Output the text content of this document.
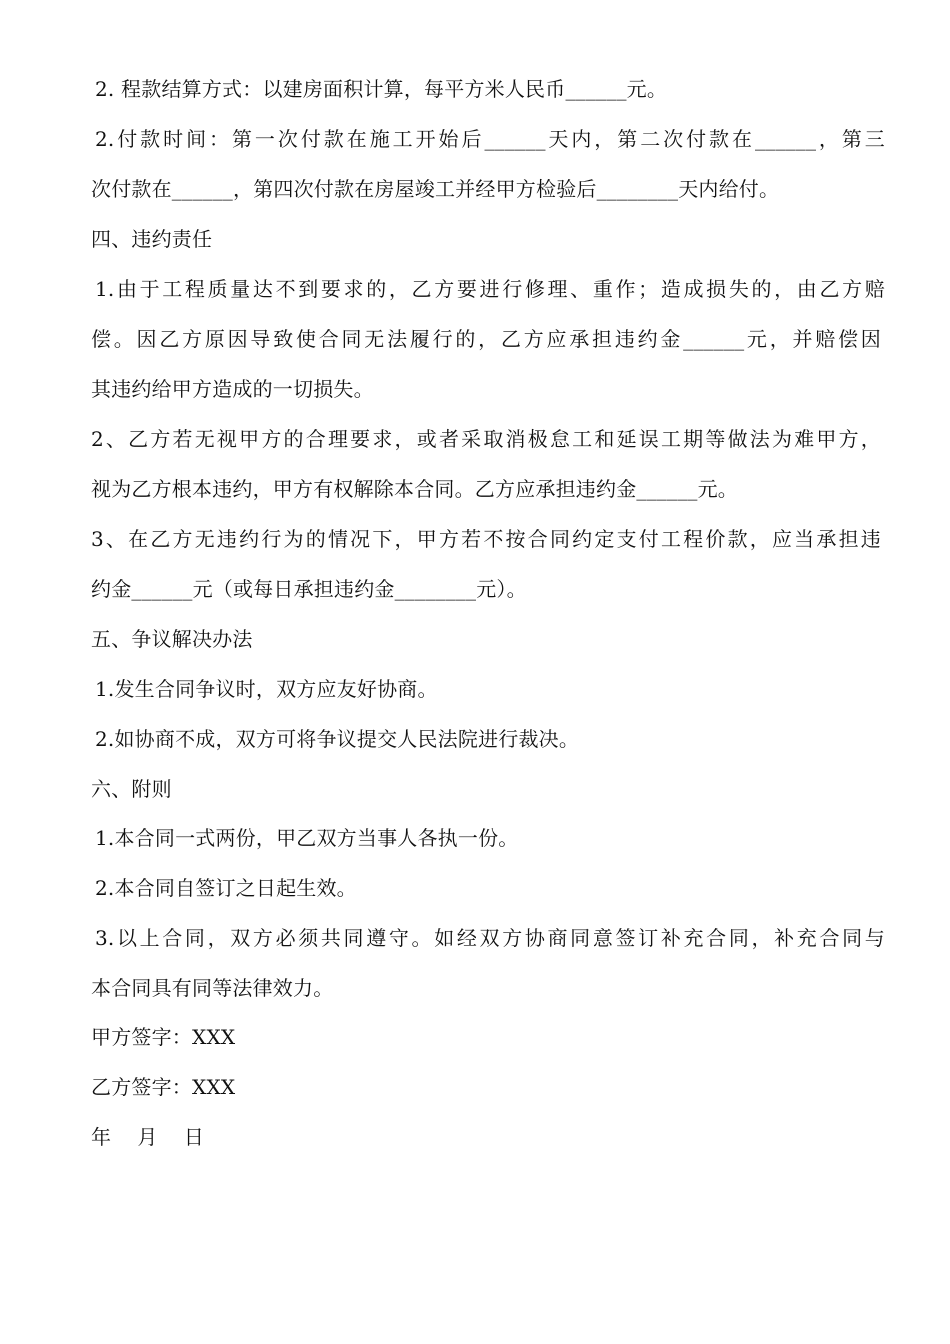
2. 程款结算方式：以建房面积计算，每平方米人民币______元。
2.付款时间：第一次付款在施工开始后______天内，第二次付款在______，第三
次付款在______，第四次付款在房屋竣工并经甲方检验后________天内给付。
四、违约责任
1.由于工程质量达不到要求的，乙方要进行修理、重作；造成损失的，由乙方赔
偿。因乙方原因导致使合同无法履行的，乙方应承担违约金______元，并赔偿因
其违约给甲方造成的一切损失。
2、乙方若无视甲方的合理要求，或者采取消极怠工和延误工期等做法为难甲方，
视为乙方根本违约，甲方有权解除本合同。乙方应承担违约金______元。
3、在乙方无违约行为的情况下，甲方若不按合同约定支付工程价款，应当承担违
约金______元（或每日承担违约金________元）。
五、争议解决办法
1.发生合同争议时，双方应友好协商。
2.如协商不成，双方可将争议提交人民法院进行裁决。
六、附则
1.本合同一式两份，甲乙双方当事人各执一份。
2.本合同自签订之日起生效。
3.以上合同，双方必须共同遵守。如经双方协商同意签订补充合同，补充合同与
本合同具有同等法律效力。
甲方签字：XXX
乙方签字：XXX
年    月    日
